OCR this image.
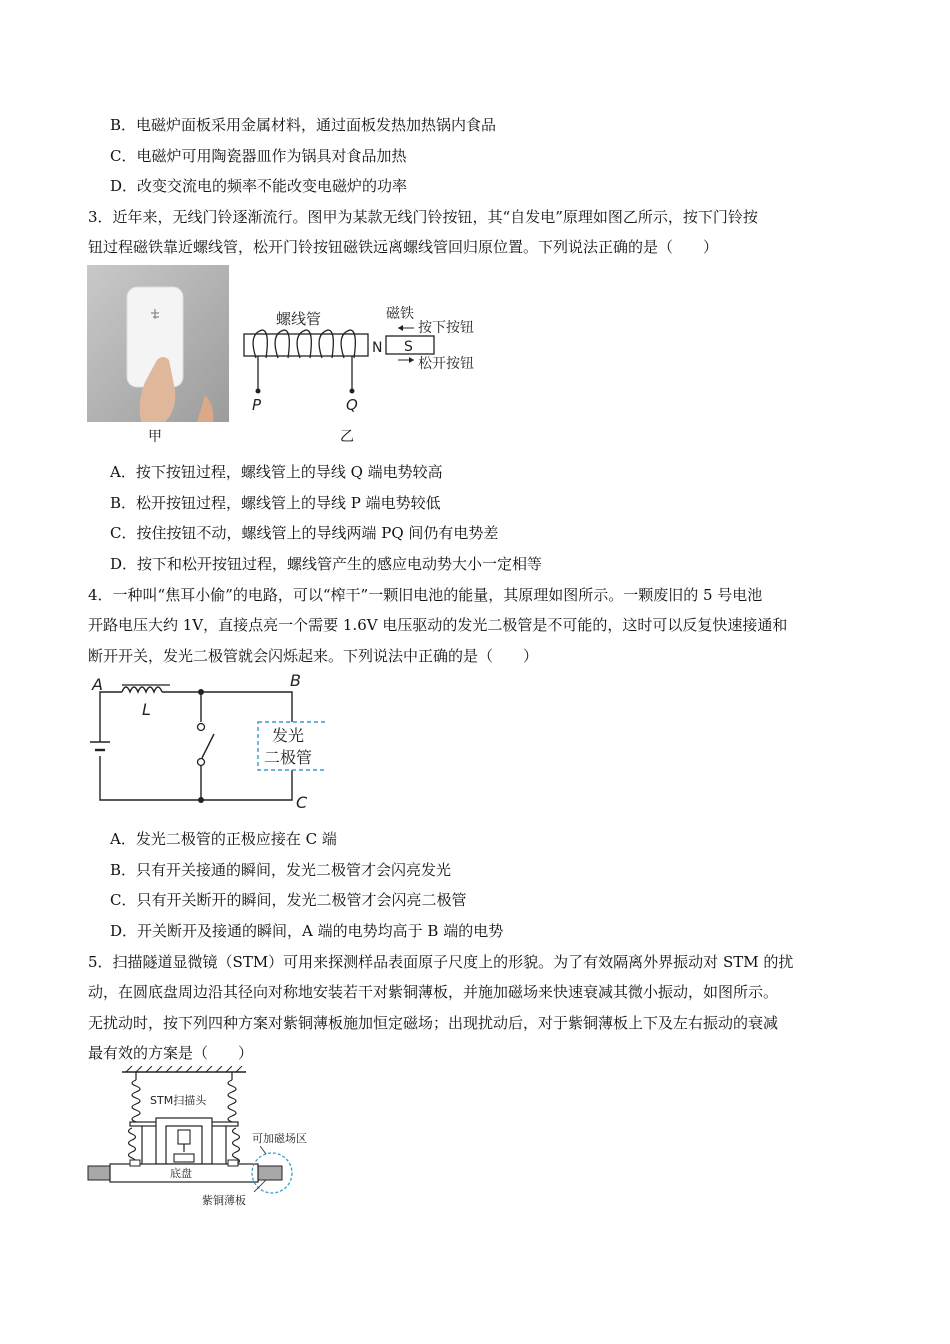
B．电磁炉面板采用金属材料，通过面板发热加热锅内食品
C．电磁炉可用陶瓷器皿作为锅具对食品加热
D．改变交流电的频率不能改变电磁炉的功率
3．近年来，无线门铃逐渐流行。图甲为某款无线门铃按钮，其“自发电”原理如图乙所示，按下门铃按
钮过程磁铁靠近螺线管，松开门铃按钮磁铁远离螺线管回归原位置。下列说法正确的是（　　）
甲
螺线管
P	Q
N S
磁铁
按下按钮
松开按钮
乙
A．按下按钮过程，螺线管上的导线 Q 端电势较高
B．松开按钮过程，螺线管上的导线 P 端电势较低
C．按住按钮不动，螺线管上的导线两端 PQ 间仍有电势差
D．按下和松开按钮过程，螺线管产生的感应电动势大小一定相等
4．一种叫“焦耳小偷”的电路，可以“榨干”一颗旧电池的能量，其原理如图所示。一颗废旧的 5 号电池
开路电压大约 1V，直接点亮一个需要 1.6V 电压驱动的发光二极管是不可能的，这时可以反复快速接通和
断开开关，发光二极管就会闪烁起来。下列说法中正确的是（　　）
A	B
C
L
发光
二极管
A．发光二极管的正极应接在 C 端
B．只有开关接通的瞬间，发光二极管才会闪亮发光
C．只有开关断开的瞬间，发光二极管才会闪亮二极管
D．开关断开及接通的瞬间，A 端的电势均高于 B 端的电势
5．扫描隧道显微镜（STM）可用来探测样品表面原子尺度上的形貌。为了有效隔离外界振动对 STM 的扰
动，在圆底盘周边沿其径向对称地安装若干对紫铜薄板，并施加磁场来快速衰减其微小振动，如图所示。
无扰动时，按下列四种方案对紫铜薄板施加恒定磁场；出现扰动后，对于紫铜薄板上下及左右振动的衰减
最有效的方案是（　　）
STM扫描头
底盘
可加磁场区
紫铜薄板
